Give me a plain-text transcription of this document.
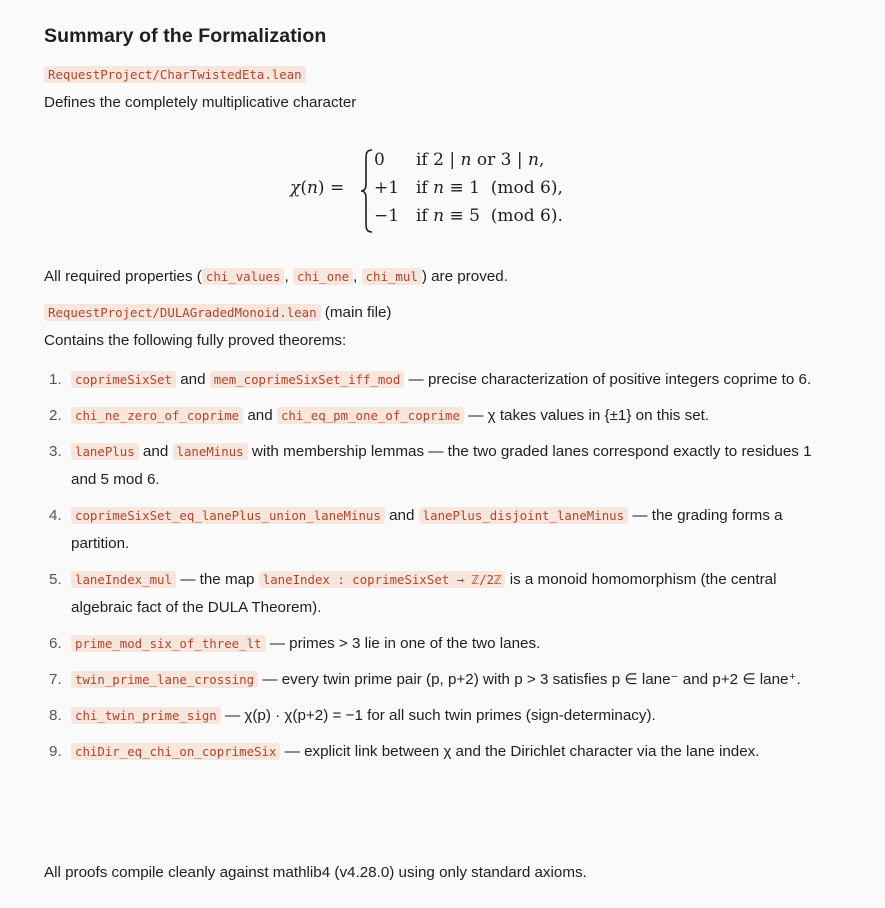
Summary of the Formalization
RequestProject/CharTwistedEta.lean
Defines the completely multiplicative character
χ(n) =
0 if 2 | n or 3 | n,
+1 if n ≡ 1  (mod 6),
−1 if n ≡ 5  (mod 6).
All required properties ( chi_values , chi_one , chi_mul ) are proved.
RequestProject/DULAGradedMonoid.lean (main file)
Contains the following fully proved theorems:
1. coprimeSixSet and mem_coprimeSixSet_iff_mod — precise characterization of positive integers coprime to 6.
2. chi_ne_zero_of_coprime and chi_eq_pm_one_of_coprime — χ takes values in {±1} on this set.
3. lanePlus and laneMinus with membership lemmas — the two graded lanes correspond exactly to residues 1 and 5 mod 6.
4. coprimeSixSet_eq_lanePlus_union_laneMinus and lanePlus_disjoint_laneMinus — the grading forms a partition.
5. laneIndex_mul — the map laneIndex : coprimeSixSet → ℤ/2ℤ is a monoid homomorphism (the central algebraic fact of the DULA Theorem).
6. prime_mod_six_of_three_lt — primes > 3 lie in one of the two lanes.
7. twin_prime_lane_crossing — every twin prime pair (p, p+2) with p > 3 satisfies p ∈ lane⁻ and p+2 ∈ lane⁺.
8. chi_twin_prime_sign — χ(p) · χ(p+2) = −1 for all such twin primes (sign-determinacy).
9. chiDir_eq_chi_on_coprimeSix — explicit link between χ and the Dirichlet character via the lane index.
All proofs compile cleanly against mathlib4 (v4.28.0) using only standard axioms.
